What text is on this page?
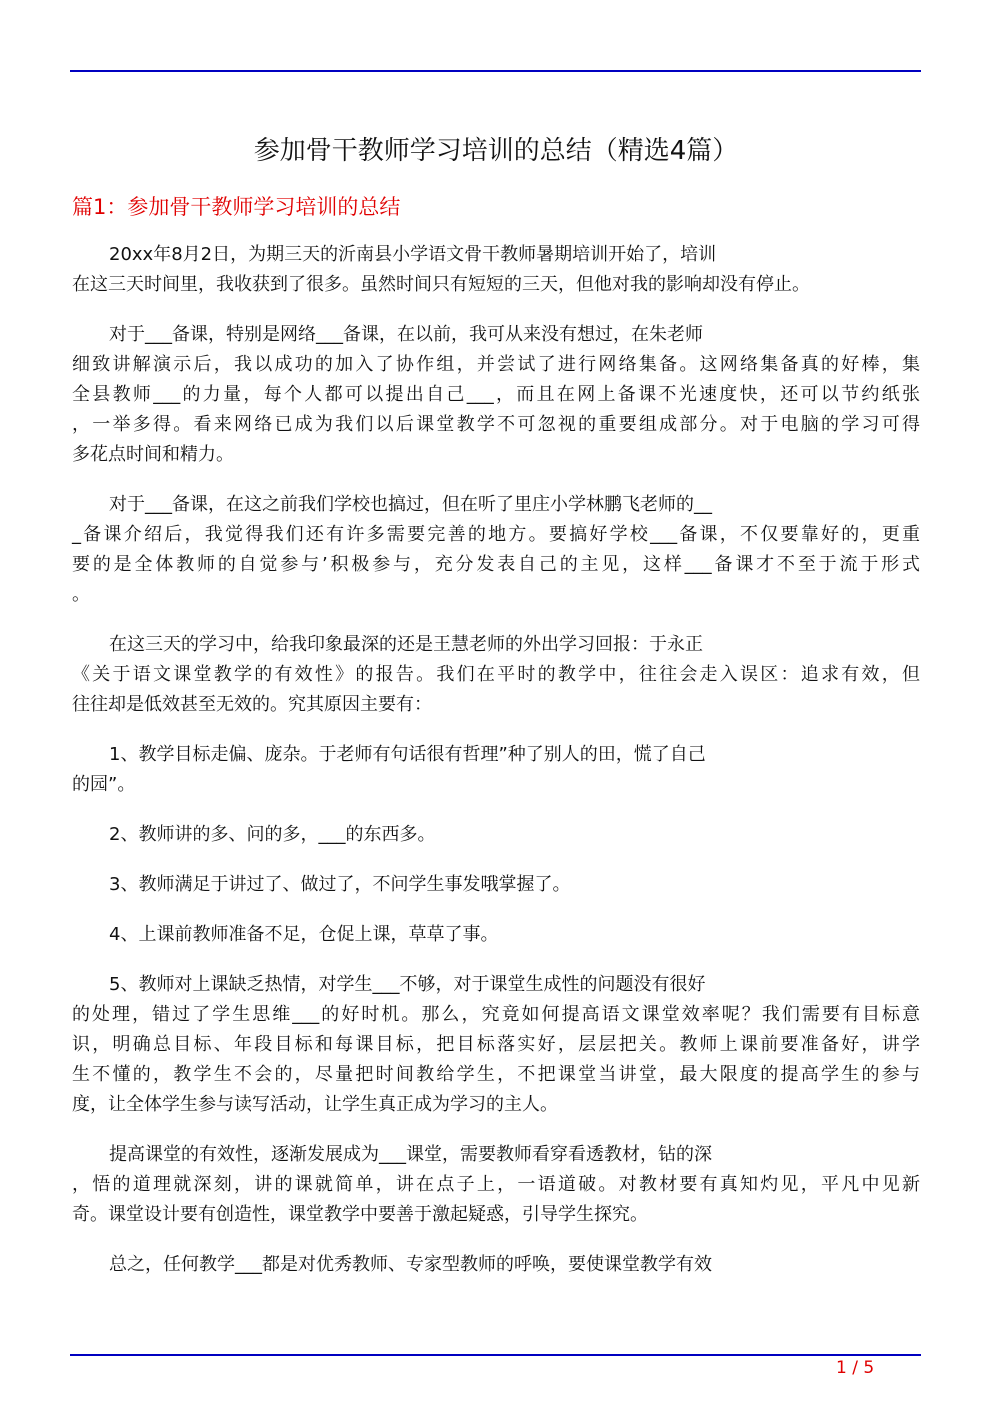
参加骨干教师学习培训的总结（精选4篇）
篇1：参加骨干教师学习培训的总结
20xx年8月2日，为期三天的沂南县小学语文骨干教师暑期培训开始了，培训
在这三天时间里，我收获到了很多。虽然时间只有短短的三天，但他对我的影响却没有停止。
对于___备课，特别是网络___备课，在以前，我可从来没有想过，在朱老师
细致讲解演示后，我以成功的加入了协作组，并尝试了进行网络集备。这网络集备真的好棒，集
全县教师___的力量，每个人都可以提出自己___，而且在网上备课不光速度快，还可以节约纸张
，一举多得。看来网络已成为我们以后课堂教学不可忽视的重要组成部分。对于电脑的学习可得
多花点时间和精力。
对于___备课，在这之前我们学校也搞过，但在听了里庄小学林鹏飞老师的__
_备课介绍后，我觉得我们还有许多需要完善的地方。要搞好学校___备课，不仅要靠好的，更重
要的是全体教师的自觉参与’积极参与，充分发表自己的主见，这样___备课才不至于流于形式
。
在这三天的学习中，给我印象最深的还是王慧老师的外出学习回报：于永正
《关于语文课堂教学的有效性》的报告。我们在平时的教学中，往往会走入误区：追求有效，但
往往却是低效甚至无效的。究其原因主要有：
1、教学目标走偏、庞杂。于老师有句话很有哲理”种了别人的田，慌了自己
的园”。
2、教师讲的多、问的多，___的东西多。
3、教师满足于讲过了、做过了，不问学生事发哦掌握了。
4、上课前教师准备不足，仓促上课，草草了事。
5、教师对上课缺乏热情，对学生___不够，对于课堂生成性的问题没有很好
的处理，错过了学生思维___的好时机。那么，究竟如何提高语文课堂效率呢？我们需要有目标意
识，明确总目标、年段目标和每课目标，把目标落实好，层层把关。教师上课前要准备好，讲学
生不懂的，教学生不会的，尽量把时间教给学生，不把课堂当讲堂，最大限度的提高学生的参与
度，让全体学生参与读写活动，让学生真正成为学习的主人。
提高课堂的有效性，逐渐发展成为___课堂，需要教师看穿看透教材，钻的深
，悟的道理就深刻，讲的课就简单，讲在点子上，一语道破。对教材要有真知灼见，平凡中见新
奇。课堂设计要有创造性，课堂教学中要善于激起疑惑，引导学生探究。
总之，任何教学___都是对优秀教师、专家型教师的呼唤，要使课堂教学有效
1 / 5
